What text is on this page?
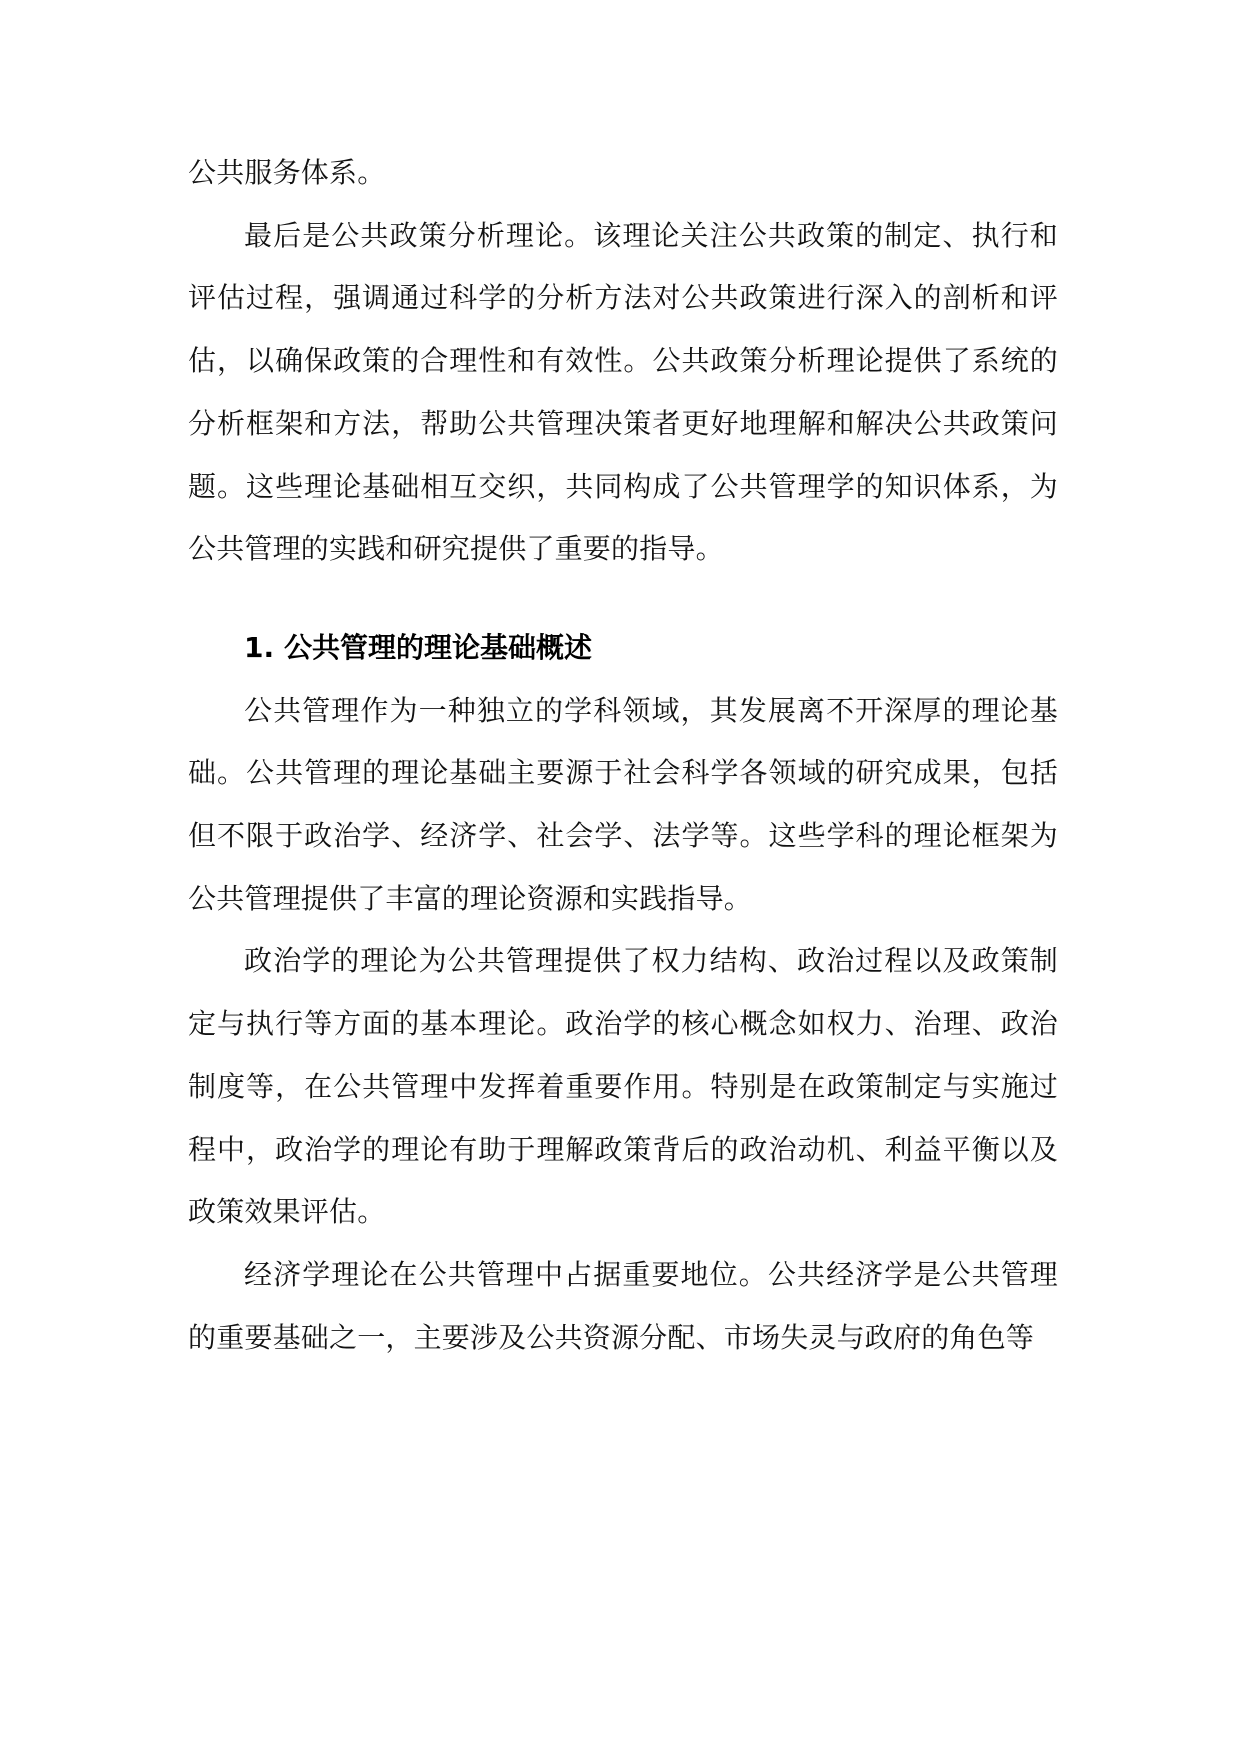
公共服务体系。

最后是公共政策分析理论。该理论关注公共政策的制定、执行和评估过程，强调通过科学的分析方法对公共政策进行深入的剖析和评估，以确保政策的合理性和有效性。公共政策分析理论提供了系统的分析框架和方法，帮助公共管理决策者更好地理解和解决公共政策问题。这些理论基础相互交织，共同构成了公共管理学的知识体系，为公共管理的实践和研究提供了重要的指导。

1. 公共管理的理论基础概述

公共管理作为一种独立的学科领域，其发展离不开深厚的理论基础。公共管理的理论基础主要源于社会科学各领域的研究成果，包括但不限于政治学、经济学、社会学、法学等。这些学科的理论框架为公共管理提供了丰富的理论资源和实践指导。

政治学的理论为公共管理提供了权力结构、政治过程以及政策制定与执行等方面的基本理论。政治学的核心概念如权力、治理、政治制度等，在公共管理中发挥着重要作用。特别是在政策制定与实施过程中，政治学的理论有助于理解政策背后的政治动机、利益平衡以及政策效果评估。

经济学理论在公共管理中占据重要地位。公共经济学是公共管理的重要基础之一，主要涉及公共资源分配、市场失灵与政府的角色等
